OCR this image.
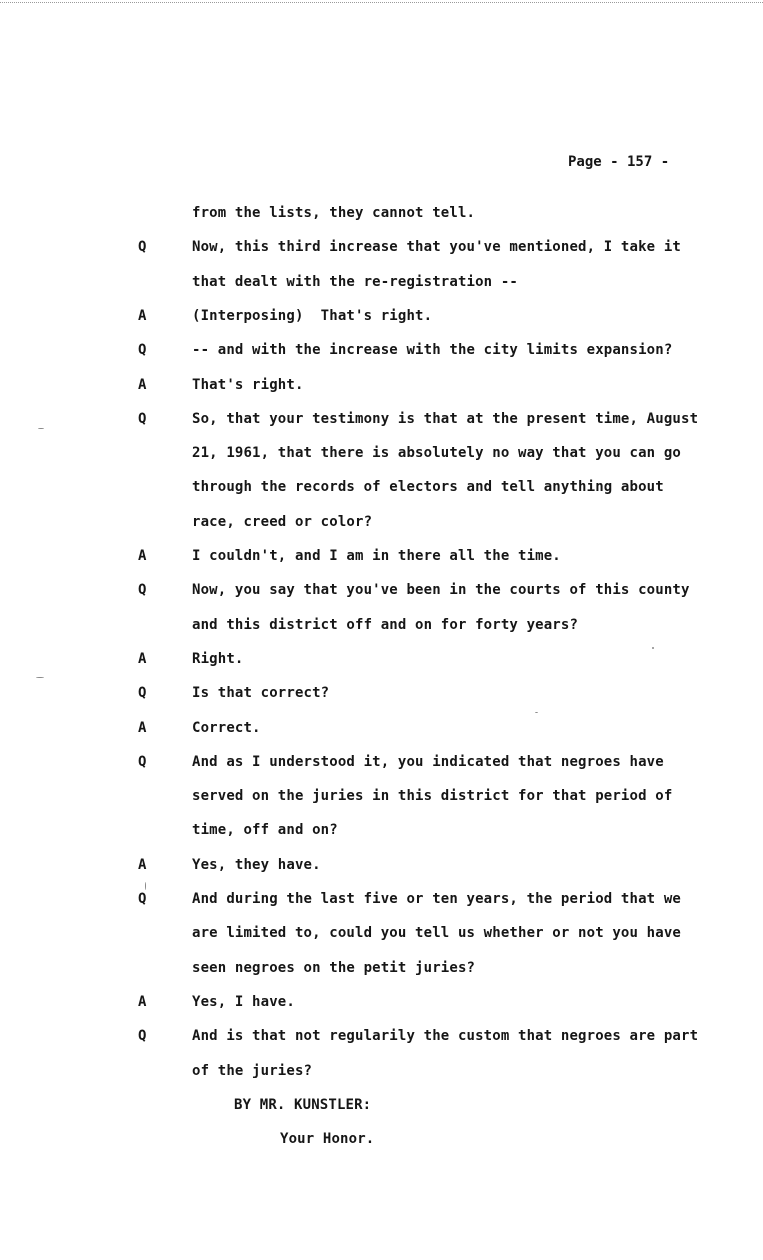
Page - 157 -
from the lists, they cannot tell.
Q	Now, this third increase that you've mentioned, I take it
that dealt with the re-registration --
A	(Interposing)  That's right.
Q	-- and with the increase with the city limits expansion?
A	That's right.
Q	So, that your testimony is that at the present time, August
21, 1961, that there is absolutely no way that you can go
through the records of electors and tell anything about
race, creed or color?
A	I couldn't, and I am in there all the time.
Q	Now, you say that you've been in the courts of this county
and this district off and on for forty years?
A	Right.
Q	Is that correct?
A	Correct.
Q	And as I understood it, you indicated that negroes have
served on the juries in this district for that period of
time, off and on?
A	Yes, they have.
Q	And during the last five or ten years, the period that we
are limited to, could you tell us whether or not you have
seen negroes on the petit juries?
A	Yes, I have.
Q	And is that not regularily the custom that negroes are part
of the juries?
BY MR. KUNSTLER:
Your Honor.
